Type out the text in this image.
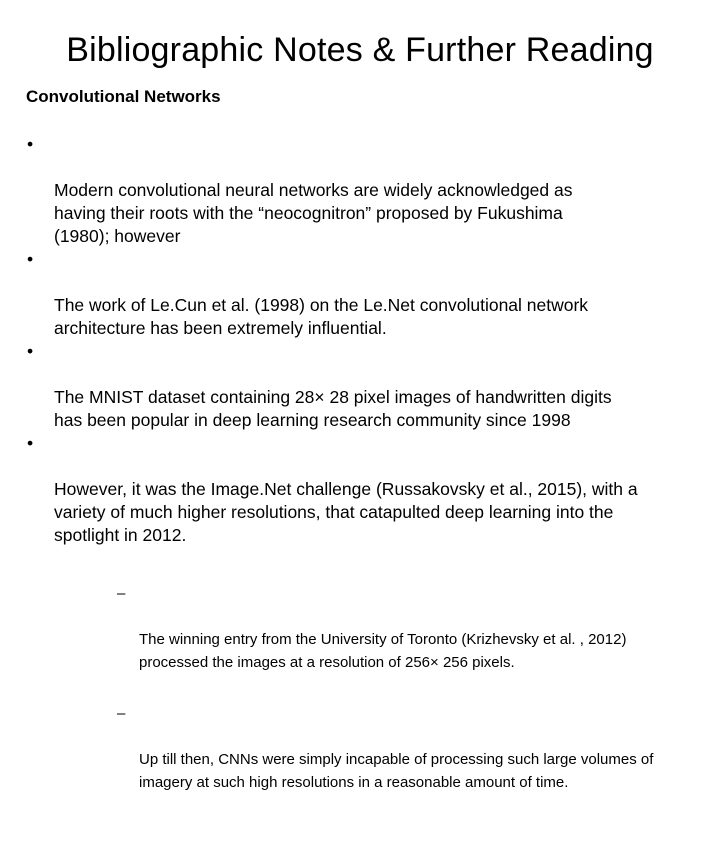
Bibliographic Notes & Further Reading
Convolutional Networks

•

Modern convolutional neural networks are widely acknowledged as
having their roots with the “neocognitron” proposed by Fukushima
(1980); however

•

The work of Le.Cun et al. (1998) on the Le.Net convolutional network
architecture has been extremely influential.

•

The MNIST dataset containing 28× 28 pixel images of handwritten digits
has been popular in deep learning research community since 1998

•

However, it was the Image.Net challenge (Russakovsky et al., 2015), with a
variety of much higher resolutions, that catapulted deep learning into the
spotlight in 2012.

–

The winning entry from the University of Toronto (Krizhevsky et al. , 2012)
processed the images at a resolution of 256× 256 pixels.

–

Up till then, CNNs were simply incapable of processing such large volumes of
imagery at such high resolutions in a reasonable amount of time.
